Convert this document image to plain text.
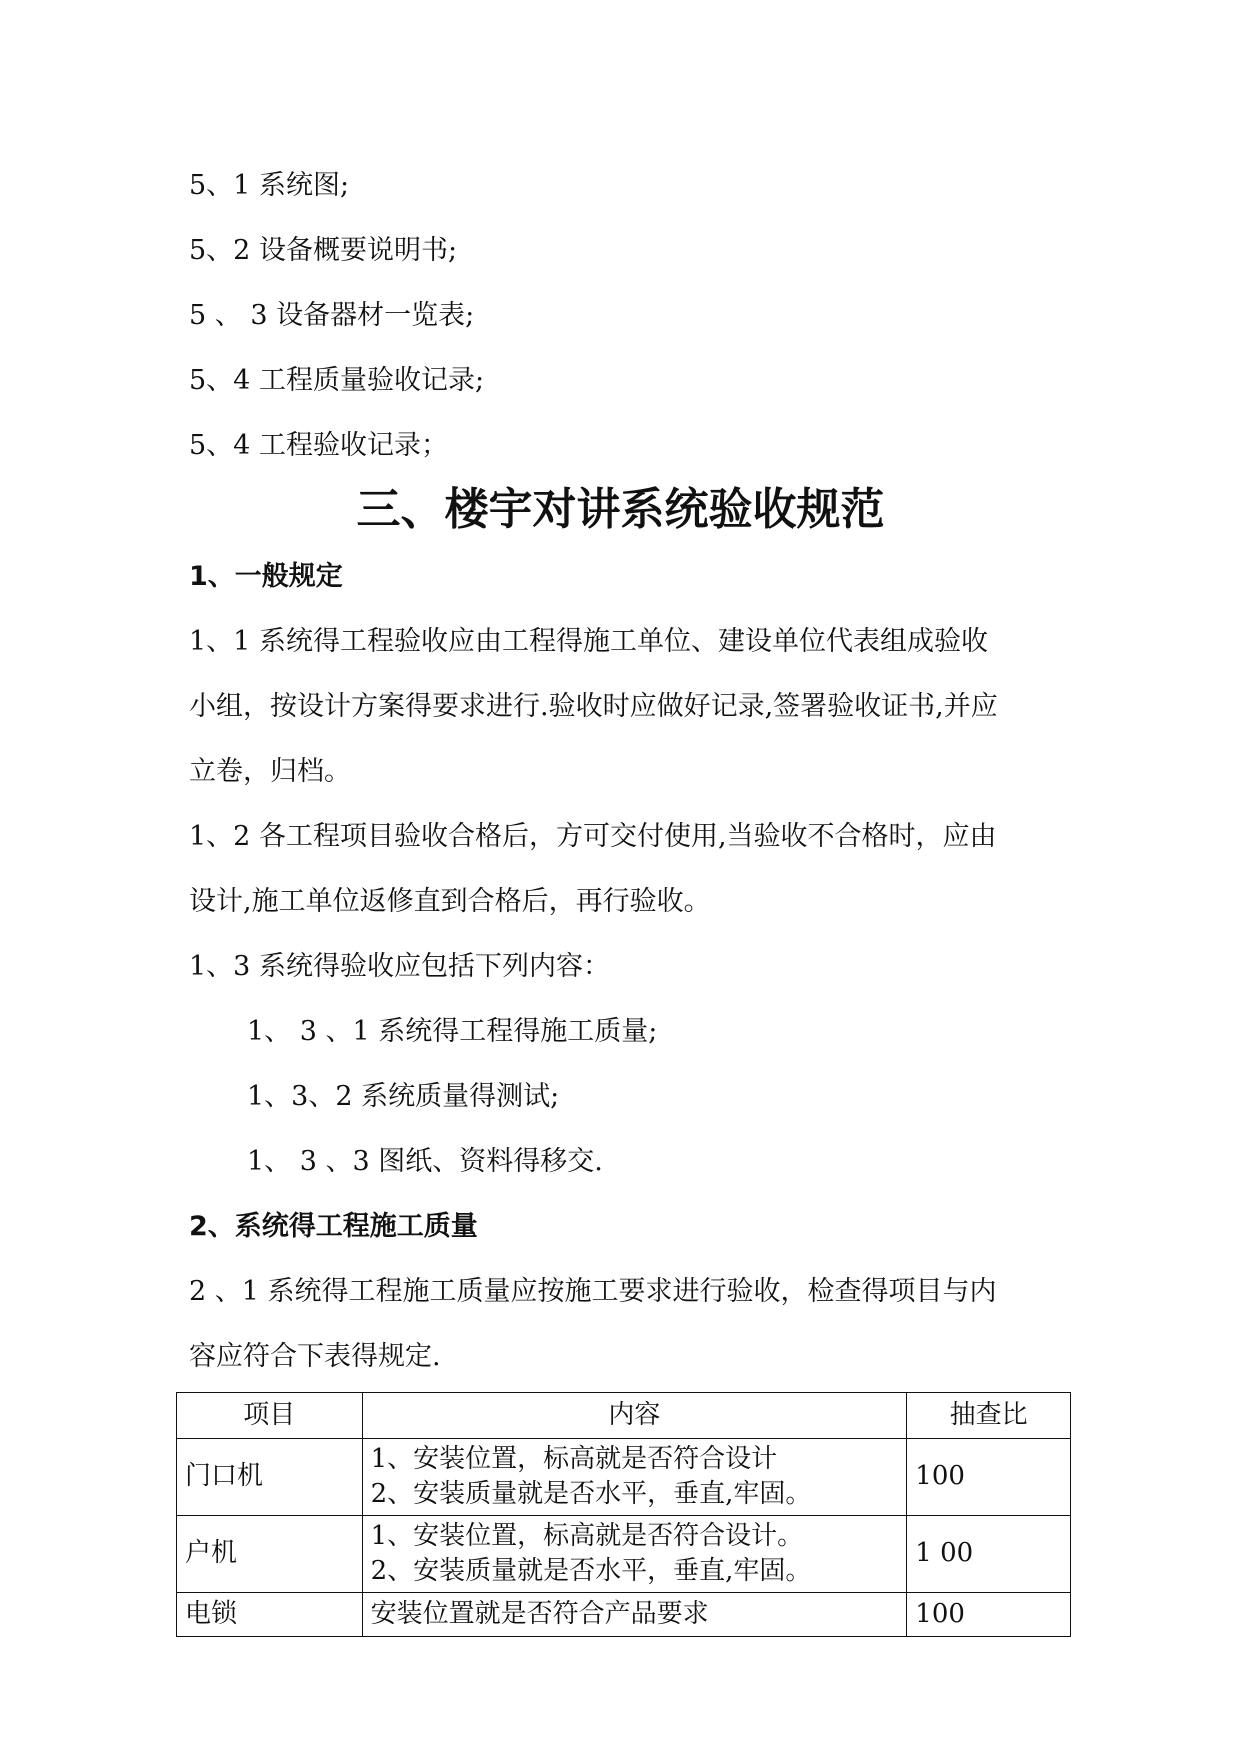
5、1 系统图;
5、2 设备概要说明书;
5 、 3 设备器材一览表;
5、4 工程质量验收记录;
5、4 工程验收记录；
三、楼宇对讲系统验收规范
1、一般规定
1、1 系统得工程验收应由工程得施工单位、建设单位代表组成验收
小组，按设计方案得要求进行.验收时应做好记录,签署验收证书,并应
立卷，归档。
1、2 各工程项目验收合格后，方可交付使用,当验收不合格时，应由
设计,施工单位返修直到合格后，再行验收。
1、3 系统得验收应包括下列内容：
1、 3 、1 系统得工程得施工质量;
1、3、2 系统质量得测试;
1、 3 、3 图纸、资料得移交.
2、系统得工程施工质量
2 、1 系统得工程施工质量应按施工要求进行验收，检查得项目与内
容应符合下表得规定.
项目	内容	抽查比
门口机	1、安装位置，标高就是否符合设计
2、安装质量就是否水平，垂直,牢固。	100
户机	1、安装位置，标高就是否符合设计。
2、安装质量就是否水平，垂直,牢固。	1 00
电锁	安装位置就是否符合产品要求	100
